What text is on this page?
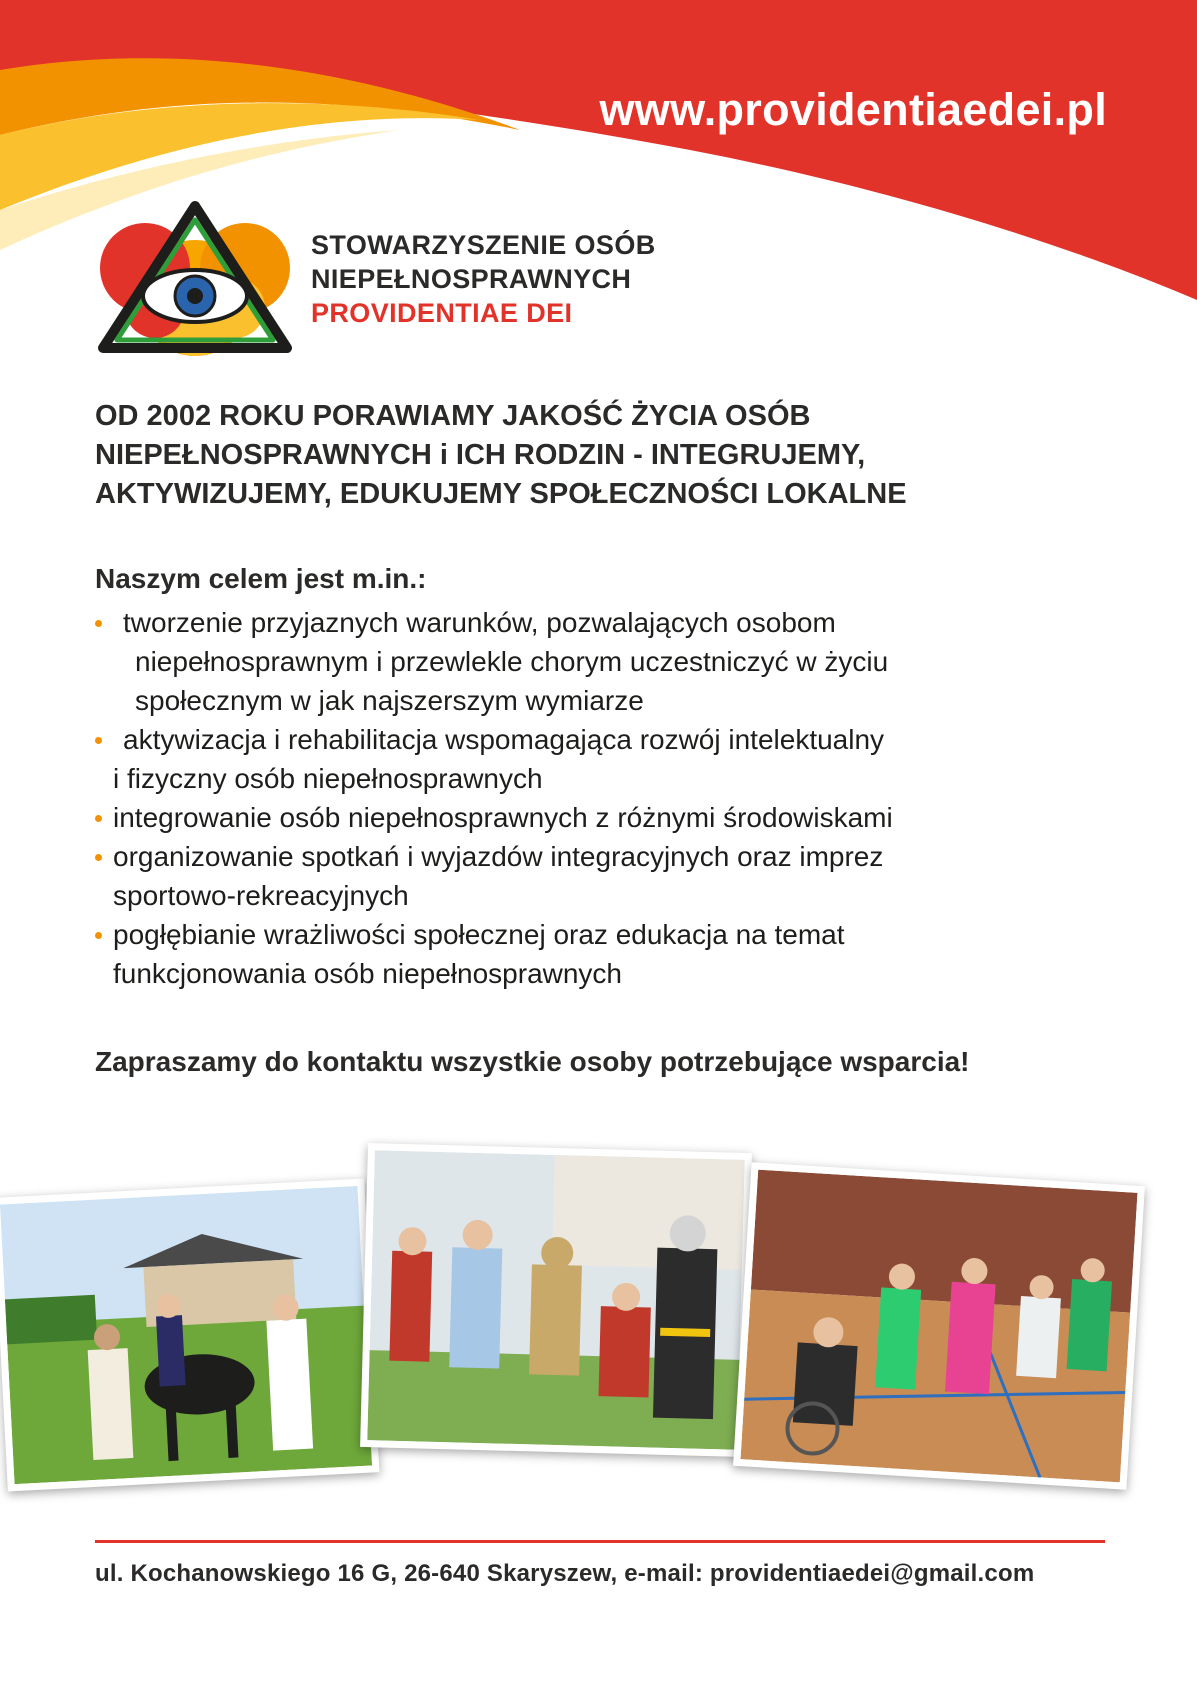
www.providentiaedei.pl
STOWARZYSZENIE OSÓB
NIEPEŁNOSPRAWNYCH
PROVIDENTIAE DEI
OD 2002 ROKU PORAWIAMY JAKOŚĆ ŻYCIA OSÓB
NIEPEŁNOSPRAWNYCH i ICH RODZIN - INTEGRUJEMY,
AKTYWIZUJEMY, EDUKUJEMY SPOŁECZNOŚCI LOKALNE
Naszym celem jest m.in.:
tworzenie przyjaznych warunków, pozwalających osobom
niepełnosprawnym i przewlekle chorym uczestniczyć w życiu
społecznym w jak najszerszym wymiarze
aktywizacja i rehabilitacja wspomagająca rozwój intelektualny
i fizyczny osób niepełnosprawnych
integrowanie osób niepełnosprawnych z różnymi środowiskami
organizowanie spotkań i wyjazdów integracyjnych oraz imprez
sportowo-rekreacyjnych
pogłębianie wrażliwości społecznej oraz edukacja na temat
funkcjonowania osób niepełnosprawnych
Zapraszamy do kontaktu wszystkie osoby potrzebujące wsparcia!
ul. Kochanowskiego 16 G, 26-640 Skaryszew, e-mail: providentiaedei@gmail.com
